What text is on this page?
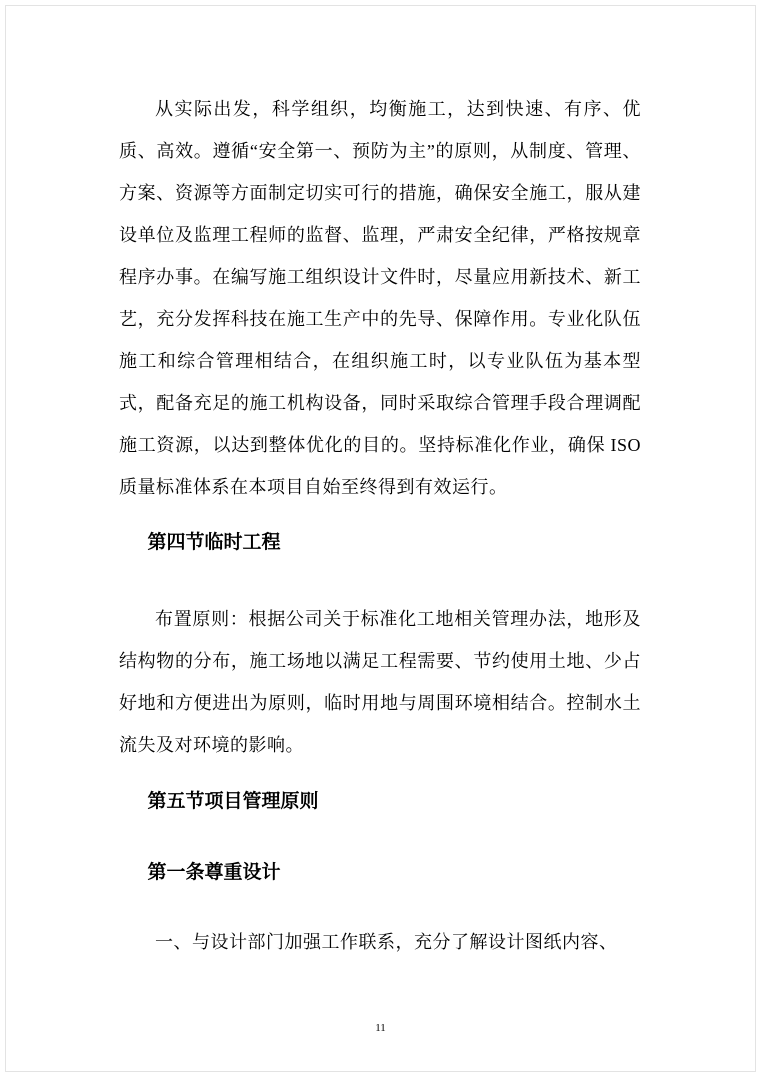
从实际出发，科学组织，均衡施工，达到快速、有序、优质、高效。遵循“安全第一、预防为主”的原则，从制度、管理、方案、资源等方面制定切实可行的措施，确保安全施工，服从建设单位及监理工程师的监督、监理，严肃安全纪律，严格按规章程序办事。在编写施工组织设计文件时，尽量应用新技术、新工艺，充分发挥科技在施工生产中的先导、保障作用。专业化队伍施工和综合管理相结合，在组织施工时，以专业队伍为基本型式，配备充足的施工机构设备，同时采取综合管理手段合理调配施工资源，以达到整体优化的目的。坚持标准化作业，确保 ISO 质量标准体系在本项目自始至终得到有效运行。

第四节临时工程

布置原则：根据公司关于标准化工地相关管理办法，地形及结构物的分布，施工场地以满足工程需要、节约使用土地、少占好地和方便进出为原则，临时用地与周围环境相结合。控制水土流失及对环境的影响。

第五节项目管理原则
第一条尊重设计

一、与设计部门加强工作联系，充分了解设计图纸内容、

11
